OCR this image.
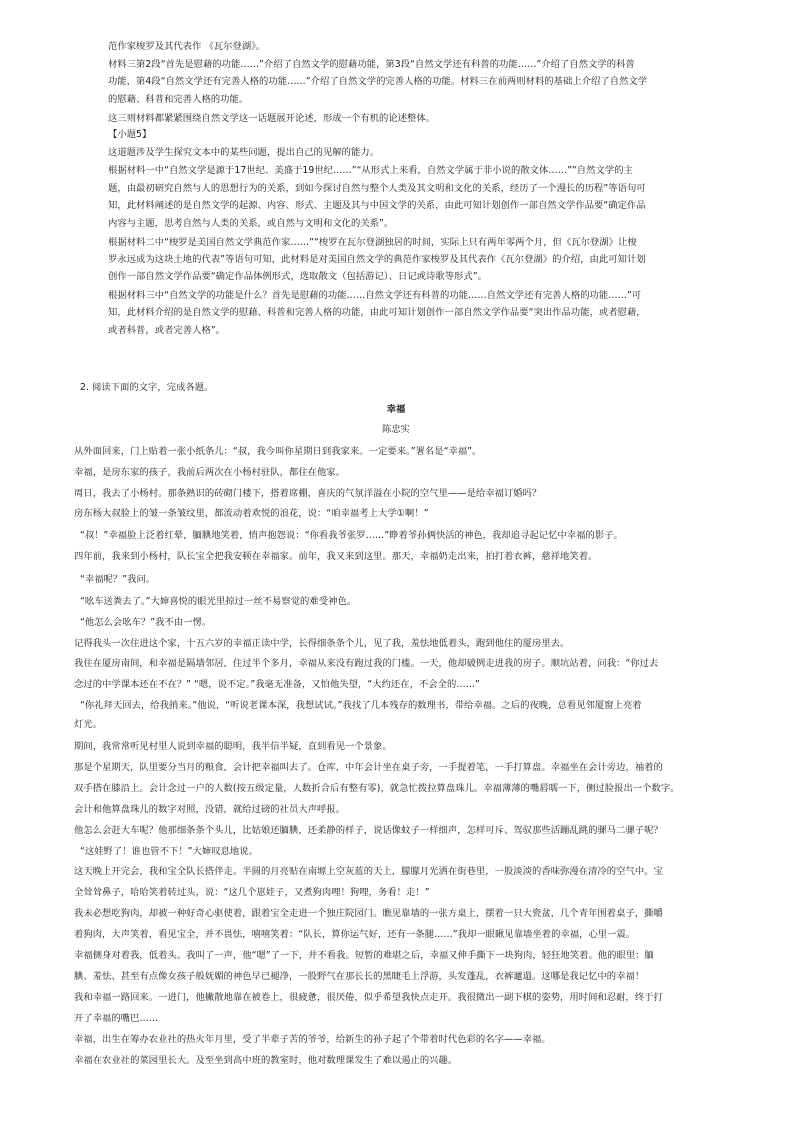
范作家梭罗及其代表作 《瓦尔登湖》。
材料三第2段“首先是慰藉的功能……”介绍了自然文学的慰藉功能，第3段“自然文学还有科普的功能……”介绍了自然文学的科普
功能，第4段“自然文学还有完善人格的功能……”介绍了自然文学的完善人格的功能。材料三在前两则材料的基础上介绍了自然文学
的慰藉、科普和完善人格的功能。
这三则材料都紧紧围绕自然文学这一话题展开论述，形成一个有机的论述整体。
【小题5】
这道题涉及学生探究文本中的某些问题，提出自己的见解的能力。
根据材料一中“自然文学是源于17世纪、美盛于19世纪……”“从形式上来看，自然文学属于非小说的散文体……”“自然文学的主
题，由最初研究自然与人的思想行为的关系，到如今探讨自然与整个人类及其文明和文化的关系，经历了一个漫长的历程”等语句可
知，此材料阐述的是自然文学的起源、内容、形式、主题及其与中国文学的关系，由此可知计划创作一部自然文学作品要“确定作品
内容与主题，思考自然与人类的关系，或自然与文明和文化的关系”。
根据材料二中“梭罗是美国自然文学典范作家……”“梭罗在瓦尔登湖独居的时间，实际上只有两年零两个月，但《瓦尔登湖》让梭
罗永远成为这块土地的代表”等语句可知，此材料是对美国自然文学的典范作家梭罗及其代表作《瓦尔登湖》的介绍，由此可知计划
创作一部自然文学作品要“确定作品体例形式，选取散文（包括游记）、日记或诗歌等形式”。
根据材料三中“自然文学的功能是什么？首先是慰藉的功能……自然文学还有科普的功能……自然文学还有完善人格的功能……”可
知，此材料介绍的是自然文学的慰藉、科普和完善人格的功能，由此可知计划创作一部自然文学作品要“突出作品功能，或者慰藉，
或者科普，或者完善人格”。
2. 阅读下面的文字，完成各题。
幸福
陈忠实
从外面回来，门上贴着一张小纸条儿：“叔，我今叫你星期日到我家来。一定要来。”署名是“幸福”。
幸福，是房东家的孩子，我前后两次在小杨村驻队，都住在他家。
周日，我去了小杨村。那条熟识的砖砌门楼下，搭着席棚，喜庆的气氛洋溢在小院的空气里——是给幸福订婚吗？
房东杨大叔脸上的皱一条皱纹里，都流动着欢悦的浪花，说：“咱幸福考上大学①啊！”
“叔！”幸福脸上泛着红晕，腼腆地笑着，悄声抱怨说：“你看我爷张罗……”睁着爷孙俩快活的神色，我却追寻起记忆中幸福的影子。
四年前，我来到小杨村，队长宝全把我安顿在幸福家。前年，我又来到这里。那天，幸福奶走出来，拍打着衣裤，慈祥地笑着。
“幸福呢？”我问。
“吆车送粪去了。”大婶喜悦的眼光里掠过一丝不易察觉的难受神色。
“他怎么会吆车？”我不由一愣。
记得我头一次住进这个家，十五六岁的幸福正读中学，长得细条条个儿，见了我，羞怯地低着头，跑到他住的厦房里去。
我住在厦房南间，和幸福是隔墙邻居，住过半个多月，幸福从来没有跑过我的门槛。一天，他却破例走进我的房子。顺坑站着，问我：“你过去
念过的中学课本还在不在？” “嗯，说不定。”我毫无准备，又怕他失望，“大约还在，不会全的……”
“你礼拜天回去，给我捎来。”他说，“听说老课本深，我想试试。”我找了几本残存的数理书，带给幸福。之后的夜晚，总看见邻厦窗上亮着
灯光。
期间，我常常听见村里人说到幸福的聪明，我半信半疑，直到看见一个景象。
那是个星期天，队里要分当月的粮食，会计把幸福叫去了。仓库，中年会计坐在桌子旁，一手提着笔，一手打算盘。幸福坐在会计旁边，袖着的
双手搭在膝沿上。会计念过一户的人数(按五级定量，人数折合后有整有零)，就急忙拨拉算盘珠儿。幸福薄薄的嘴唇嚅一下，侧过脸报出一个数字。
会计和他算盘珠儿的数字对照，没错，就给过磅的社员大声呼报。
他怎么会赶大车呢？他那细条条个头儿，比姑娘还腼腆，还柔静的样子，说话像蚊子一样细声，怎样可斥、驾驭那些活蹦乱跳的骡马二骡子呢？
“这娃野了！谁也管不下！”大婶叹息地说。
这天晚上开完会，我和宝全队长搭伴走。半圆的月亮贴在南塬上空灰蓝的天上，朦朦月光洒在街巷里，一股淡淡的香味弥漫在清冷的空气中。宝
全耸耸鼻子，哈哈笑着转过头，说：“这几个崽娃子，又煮狗肉哩！狗哩，务看！走！”
我未必想吃狗肉，却被一种好奇心驱使着，跟着宝全走进一个独庄院园门。瞧见靠墙的一张方桌上，摆着一只大瓷盆，几个青年围着桌子，撕嚼
着狗肉，大声笑着，看见宝全，并不畏怯，嘻嘻笑着：“队长，算你运气好，还有一条腿……”我却一眼瞅见靠墙坐着的幸福，心里一震。
幸福侧身对着我，低着头。我叫了一声，他“嗯”了一下，并不看我。短暂的难堪之后，幸福又伸手撕下一块狗肉，轻狂地笑着。他的眼里：腼
腆、羞怯、甚至有点像女孩子般妩媚的神色早已褪净，一股野气在那长长的黑睫毛上浮游，头发蓬乱，衣裤邋遢。这哪是我记忆中的幸福！
我和幸福一路回来。一进门，他撇散地靠在被卷上，很疲惫，很厌倦，似乎希望我快点走开。我很微出一副下棋的姿势，用时间和忍耐，终于打
开了幸福的嘴巴……
幸福，出生在筹办农业社的热火年月里，受了半辈子苦的爷爷，给新生的孙子起了个带着时代色彩的名字——幸福。
幸福在农业社的菜园里长大。及至坐到高中班的教室时，他对数理课发生了难以遏止的兴趣。
